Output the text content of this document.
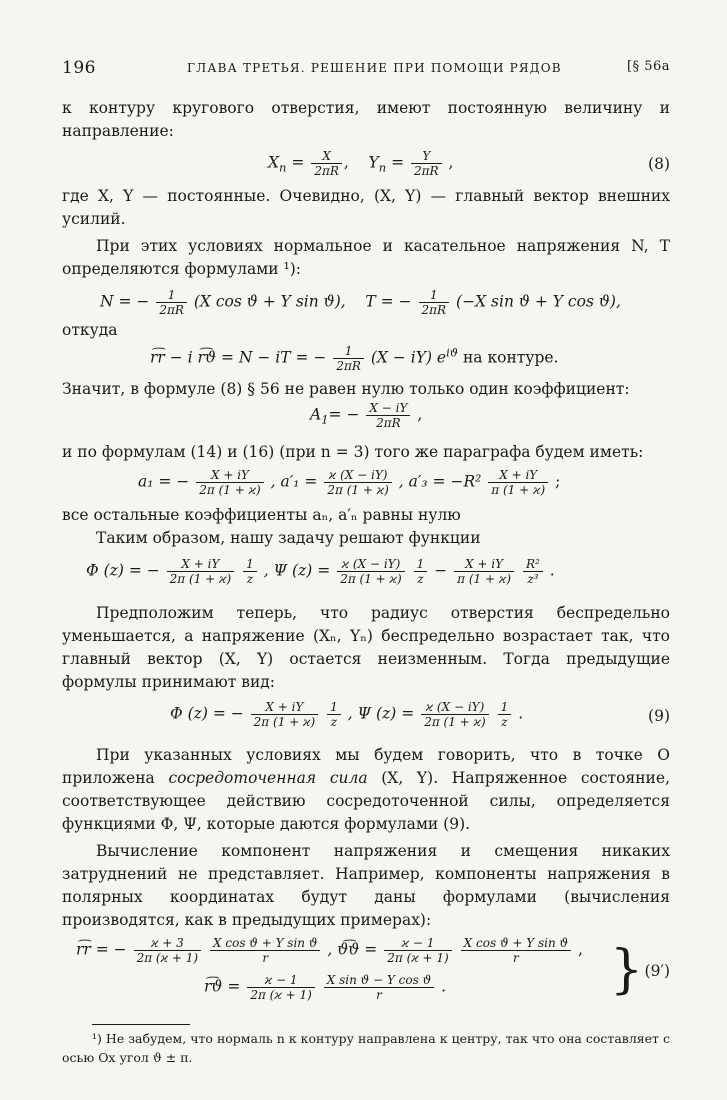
196	ГЛАВА ТРЕТЬЯ. РЕШЕНИЕ ПРИ ПОМОЩИ РЯДОВ	[§ 56a

к контуру кругового отверстия, имеют постоянную величину и направление:

$X_n = \frac{X}{2\pi R}$ ,    $Y_n = \frac{Y}{2\pi R}$ ,	(8)

где X, Y — постоянные. Очевидно, (X, Y) — главный вектор внешних усилий.

При этих условиях нормальное и касательное напряжения N, T определяются формулами ¹):

N = − $\frac{1}{2\pi R} (X$ cos ϑ + Y sin ϑ), T = − $\frac{1}{2\pi R} (-X$ sin ϑ + Y cos ϑ),

откуда

r͡r − i r͡ϑ = N − iT = − $\frac{1}{2\pi R} (X - iY)$ $e^{iϑ}$ на контуре.

Значит, в формуле (8) § 56 не равен нулю только один коэффициент:

$A_1= - \frac{X - iY}{2\pi R}$ ,

и по формулам (14) и (16) (при n = 3) того же параграфа будем иметь:

a₁ = − $\frac{X + iY}{2\pi (1 + ϰ)}$ , $a'_1 = \frac{ϰ (X - iY)}{2\pi (1 + ϰ)}$ , $a'_3 = -R^2 \frac{X + iY}{\pi (1 + ϰ)}$ ;

все остальные коэффициенты aₙ, a′ₙ равны нулю

Таким образом, нашу задачу решают функции

Φ (z) = − $\frac{X + iY}{2\pi (1 + ϰ)}$
$\frac{1}{z}$ , Ψ $(z) = \frac{ϰ (X - iY)}{2\pi (1 + ϰ)}$
$\frac{1}{z} - \frac{X + iY}{\pi (1 + ϰ)}$
$\frac{\text{R²}}{\text{z³}}$ .

Предположим теперь, что радиус отверстия беспредельно уменьшается, а напряжение (Xₙ, Yₙ) беспредельно возрастает так, что главный вектор (X, Y) остается неизменным. Тогда предыдущие формулы принимают вид:

Φ (z) = − $\frac{X + iY}{2\pi (1 + ϰ)}$
$\frac{1}{z}$ , Ψ $(z) = \frac{ϰ (X - iY)}{2\pi (1 + ϰ)}$
$\frac{1}{z}$ .	(9)

При указанных условиях мы будем говорить, что в точке O приложена сосредоточенная сила (X, Y). Напряженное состояние, соответствующее действию сосредоточенной силы, определяется функциями Φ, Ψ, которые даются формулами (9).

Вычисление компонент напряжения и смещения никаких затруднений не представляет. Например, компоненты напряжения в полярных координатах будут даны формулами (вычисления производятся, как в предыдущих примерах):

r͡r = − $\frac{ϰ + 3}{2\pi (ϰ + 1)}$
$\frac{\text{X cos ϑ + Y sin ϑ}}{r}$ , ϑ͡ϑ = $\frac{ϰ - 1}{2\pi (ϰ + 1)}$
$\frac{\text{X cos ϑ + Y sin ϑ}}{r}$ ,
r͡ϑ = $\frac{ϰ - 1}{2\pi (ϰ + 1)}$
$\frac{\text{X sin ϑ − Y cos ϑ}}{r}$ .	} (9′)

¹) Не забудем, что нормаль n к контуру направлена к центру, так что она составляет с осью Ox угол ϑ ± π.
